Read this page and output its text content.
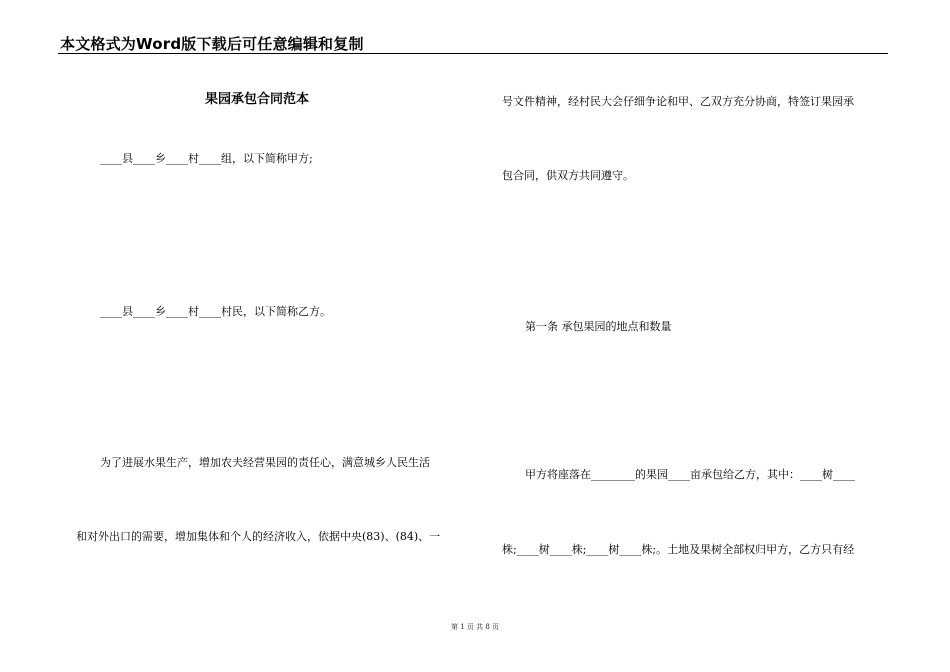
本文格式为Word版下载后可任意编辑和复制
果园承包合同范本
____县____乡____村____组，以下简称甲方;
____县____乡____村____村民，以下简称乙方。
为了进展水果生产，增加农夫经营果园的责任心，满意城乡人民生活
和对外出口的需要，增加集体和个人的经济收入，依据中央(83)、(84)、一
号文件精神，经村民大会仔细争论和甲、乙双方充分协商，特签订果园承
包合同，供双方共同遵守。
第一条 承包果园的地点和数量
甲方将座落在________的果园____亩承包给乙方，其中：____树____
株;____树____株;____树____株;。土地及果树全部权归甲方，乙方只有经
第 1 页 共 8 页
